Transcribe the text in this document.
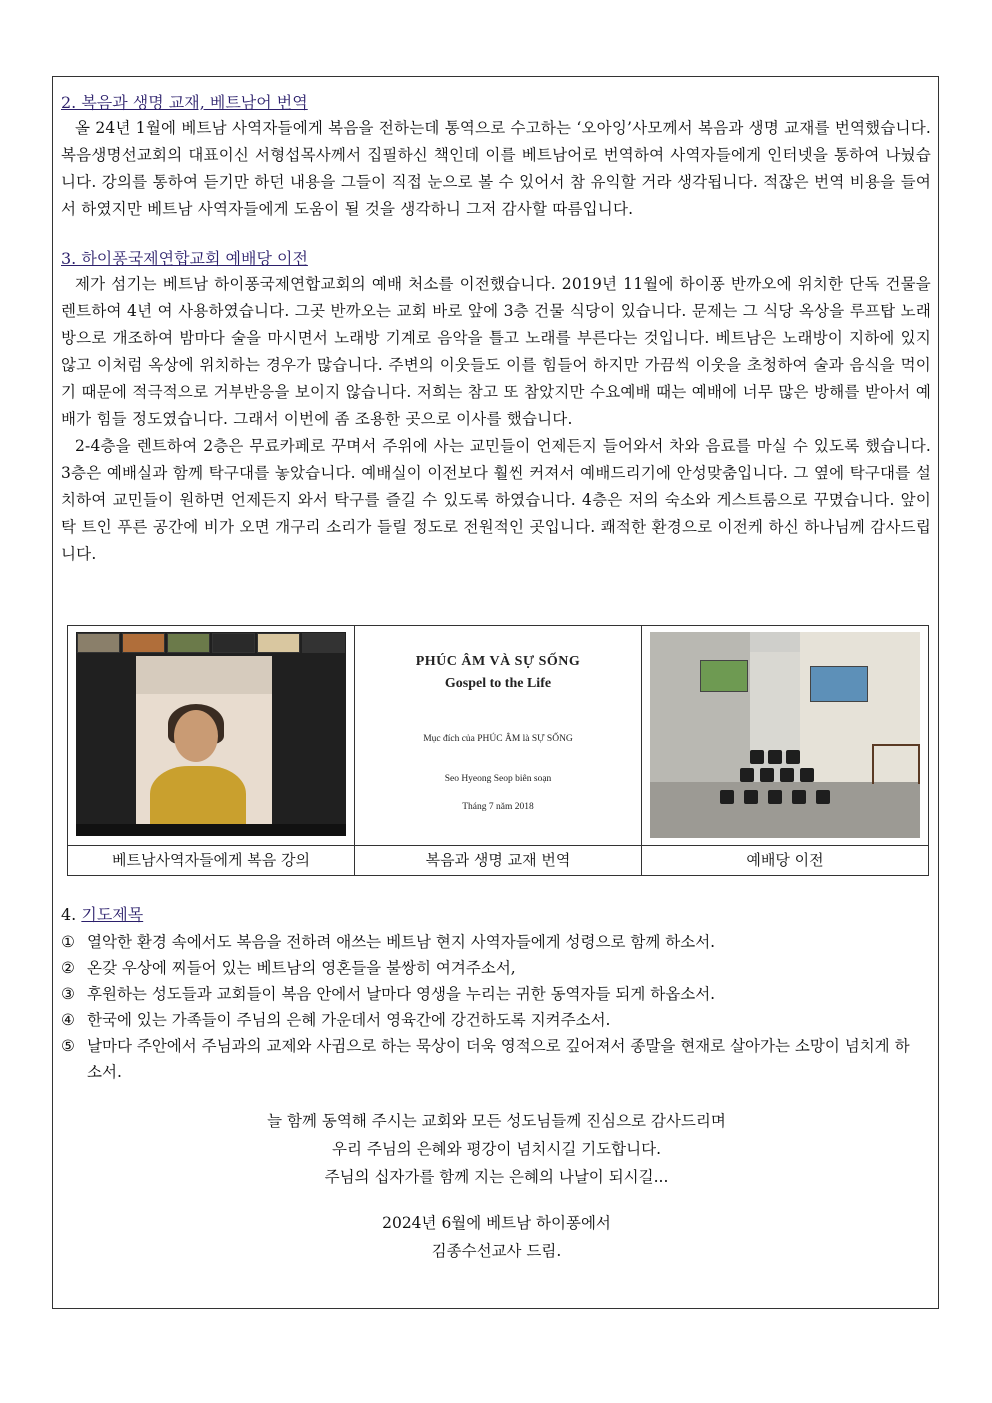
2. 복음과 생명 교재, 베트남어 번역

올 24년 1월에 베트남 사역자들에게 복음을 전하는데 통역으로 수고하는 ‘오아잉’사모께서 복음과 생명 교재를 번역했습니다. 복음생명선교회의 대표이신 서형섭목사께서 집필하신 책인데 이를 베트남어로 번역하여 사역자들에게 인터넷을 통하여 나눴습니다. 강의를 통하여 듣기만 하던 내용을 그들이 직접 눈으로 볼 수 있어서 참 유익할 거라 생각됩니다. 적잖은 번역 비용을 들여서 하였지만 베트남 사역자들에게 도움이 될 것을 생각하니 그저 감사할 따름입니다.

3. 하이퐁국제연합교회 예배당 이전

제가 섬기는 베트남 하이퐁국제연합교회의 예배 처소를 이전했습니다. 2019년 11월에 하이퐁 반까오에 위치한 단독 건물을 렌트하여 4년 여 사용하였습니다. 그곳 반까오는 교회 바로 앞에 3층 건물 식당이 있습니다. 문제는 그 식당 옥상을 루프탑 노래방으로 개조하여 밤마다 술을 마시면서 노래방 기계로 음악을 틀고 노래를 부른다는 것입니다. 베트남은 노래방이 지하에 있지 않고 이처럼 옥상에 위치하는 경우가 많습니다. 주변의 이웃들도 이를 힘들어 하지만 가끔씩 이웃을 초청하여 술과 음식을 먹이기 때문에 적극적으로 거부반응을 보이지 않습니다. 저희는 참고 또 참았지만 수요예배 때는 예배에 너무 많은 방해를 받아서 예배가 힘들 정도였습니다. 그래서 이번에 좀 조용한 곳으로 이사를 했습니다.

2-4층을 렌트하여 2층은 무료카페로 꾸며서 주위에 사는 교민들이 언제든지 들어와서 차와 음료를 마실 수 있도록 했습니다. 3층은 예배실과 함께 탁구대를 놓았습니다. 예배실이 이전보다 훨씬 커져서 예배드리기에 안성맞춤입니다. 그 옆에 탁구대를 설치하여 교민들이 원하면 언제든지 와서 탁구를 즐길 수 있도록 하였습니다. 4층은 저의 숙소와 게스트룸으로 꾸몄습니다. 앞이 탁 트인 푸른 공간에 비가 오면 개구리 소리가 들릴 정도로 전원적인 곳입니다. 쾌적한 환경으로 이전케 하신 하나님께 감사드립니다.

	PHÚC ÂM VÀ SỰ SỐNG
Gospel to the Life
Mục đích của PHÚC ÂM là SỰ SỐNG
Seo Hyeong Seop biên soạn
Tháng 7 năm 2018	

베트남사역자들에게 복음 강의	복음과 생명 교재 번역	예배당 이전
4. 기도제목
① 열악한 환경 속에서도 복음을 전하려 애쓰는 베트남 현지 사역자들에게 성령으로 함께 하소서.
② 온갖 우상에 찌들어 있는 베트남의 영혼들을 불쌍히 여겨주소서,
③ 후원하는 성도들과 교회들이 복음 안에서 날마다 영생을 누리는 귀한 동역자들 되게 하옵소서.
④ 한국에 있는 가족들이 주님의 은혜 가운데서 영육간에 강건하도록 지켜주소서.
⑤ 날마다 주안에서 주님과의 교제와 사귐으로 하는 묵상이 더욱 영적으로 깊어져서 종말을 현재로 살아가는 소망이 넘치게 하소서.

늘 함께 동역해 주시는 교회와 모든 성도님들께 진심으로 감사드리며

우리 주님의 은혜와 평강이 넘치시길 기도합니다.

주님의 십자가를 함께 지는 은혜의 나날이 되시길...

2024년 6월에 베트남 하이퐁에서

김종수선교사 드림.
